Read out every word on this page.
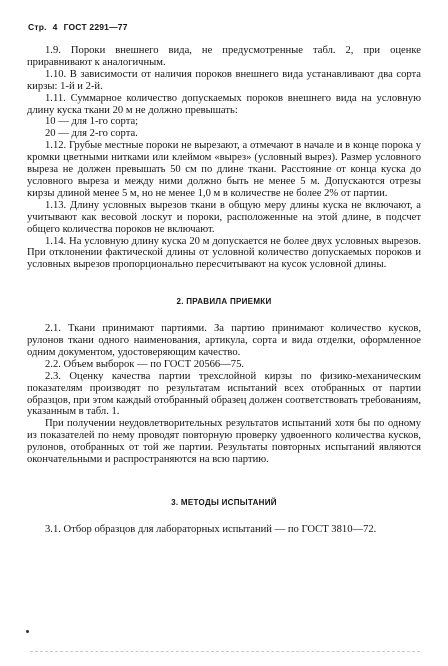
Стр. 4 ГОСТ 2291—77

1.9. Пороки внешнего вида, не предусмотренные табл. 2, при оценке приравнивают к аналогичным.

1.10. В зависимости от наличия пороков внешнего вида устанавливают два сорта кирзы: 1-й и 2-й.

1.11. Суммарное количество допускаемых пороков внешнего вида на условную длину куска ткани 20 м не должно превышать:

10 — для 1-го сорта;

20 — для 2-го сорта.

1.12. Грубые местные пороки не вырезают, а отмечают в начале и в конце порока у кромки цветными нитками или клеймом «вырез» (условный вырез). Размер условного выреза не должен превышать 50 см по длине ткани. Расстояние от конца куска до условного выреза и между ними должно быть не менее 5 м. Допускаются отрезы кирзы длиной менее 5 м, но не менее 1,0 м в количестве не более 2% от партии.

1.13. Длину условных вырезов ткани в общую меру длины куска не включают, а учитывают как весовой лоскут и пороки, расположенные на этой длине, в подсчет общего количества пороков не включают.

1.14. На условную длину куска 20 м допускается не более двух условных вырезов. При отклонении фактической длины от условной количество допускаемых пороков и условных вырезов пропорционально пересчитывают на кусок условной длины.

2. ПРАВИЛА ПРИЕМКИ

2.1. Ткани принимают партиями. За партию принимают количество кусков, рулонов ткани одного наименования, артикула, сорта и вида отделки, оформленное одним документом, удостоверяющим качество.

2.2. Объем выборок — по ГОСТ 20566—75.

2.3. Оценку качества партии трехслойной кирзы по физико-механическим показателям производят по результатам испытаний всех отобранных от партии образцов, при этом каждый отобранный образец должен соответствовать требованиям, указанным в табл. 1.

При получении неудовлетворительных результатов испытаний хотя бы по одному из показателей по нему проводят повторную проверку удвоенного количества кусков, рулонов, отобранных от той же партии. Результаты повторных испытаний являются окончательными и распространяются на всю партию.

3. МЕТОДЫ ИСПЫТАНИЙ

3.1. Отбор образцов для лабораторных испытаний — по ГОСТ 3810—72.
